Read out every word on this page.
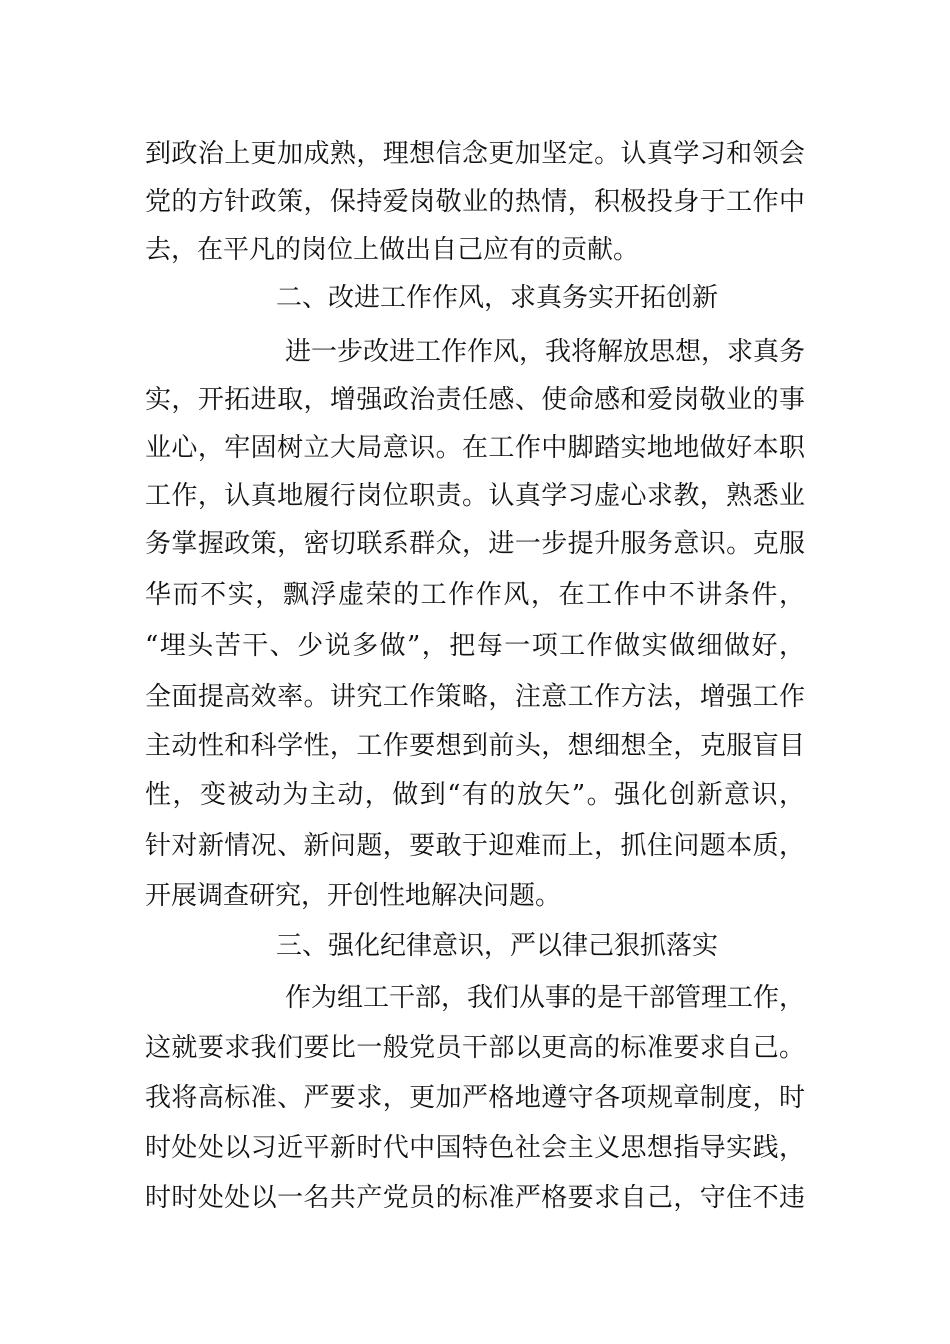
到政治上更加成熟，理想信念更加坚定。认真学习和领会
党的方针政策，保持爱岗敬业的热情，积极投身于工作中
去，在平凡的岗位上做出自己应有的贡献。
二、改进工作作风，求真务实开拓创新
进一步改进工作作风，我将解放思想，求真务
实，开拓进取，增强政治责任感、使命感和爱岗敬业的事
业心，牢固树立大局意识。在工作中脚踏实地地做好本职
工作，认真地履行岗位职责。认真学习虚心求教，熟悉业
务掌握政策，密切联系群众，进一步提升服务意识。克服
华而不实，飘浮虚荣的工作作风，在工作中不讲条件，
“埋头苦干、少说多做”，把每一项工作做实做细做好，
全面提高效率。讲究工作策略，注意工作方法，增强工作
主动性和科学性，工作要想到前头，想细想全，克服盲目
性，变被动为主动，做到“有的放矢”。强化创新意识，
针对新情况、新问题，要敢于迎难而上，抓住问题本质，
开展调查研究，开创性地解决问题。
三、强化纪律意识，严以律己狠抓落实
作为组工干部，我们从事的是干部管理工作，
这就要求我们要比一般党员干部以更高的标准要求自己。
我将高标准、严要求，更加严格地遵守各项规章制度，时
时处处以习近平新时代中国特色社会主义思想指导实践，
时时处处以一名共产党员的标准严格要求自己，守住不违
